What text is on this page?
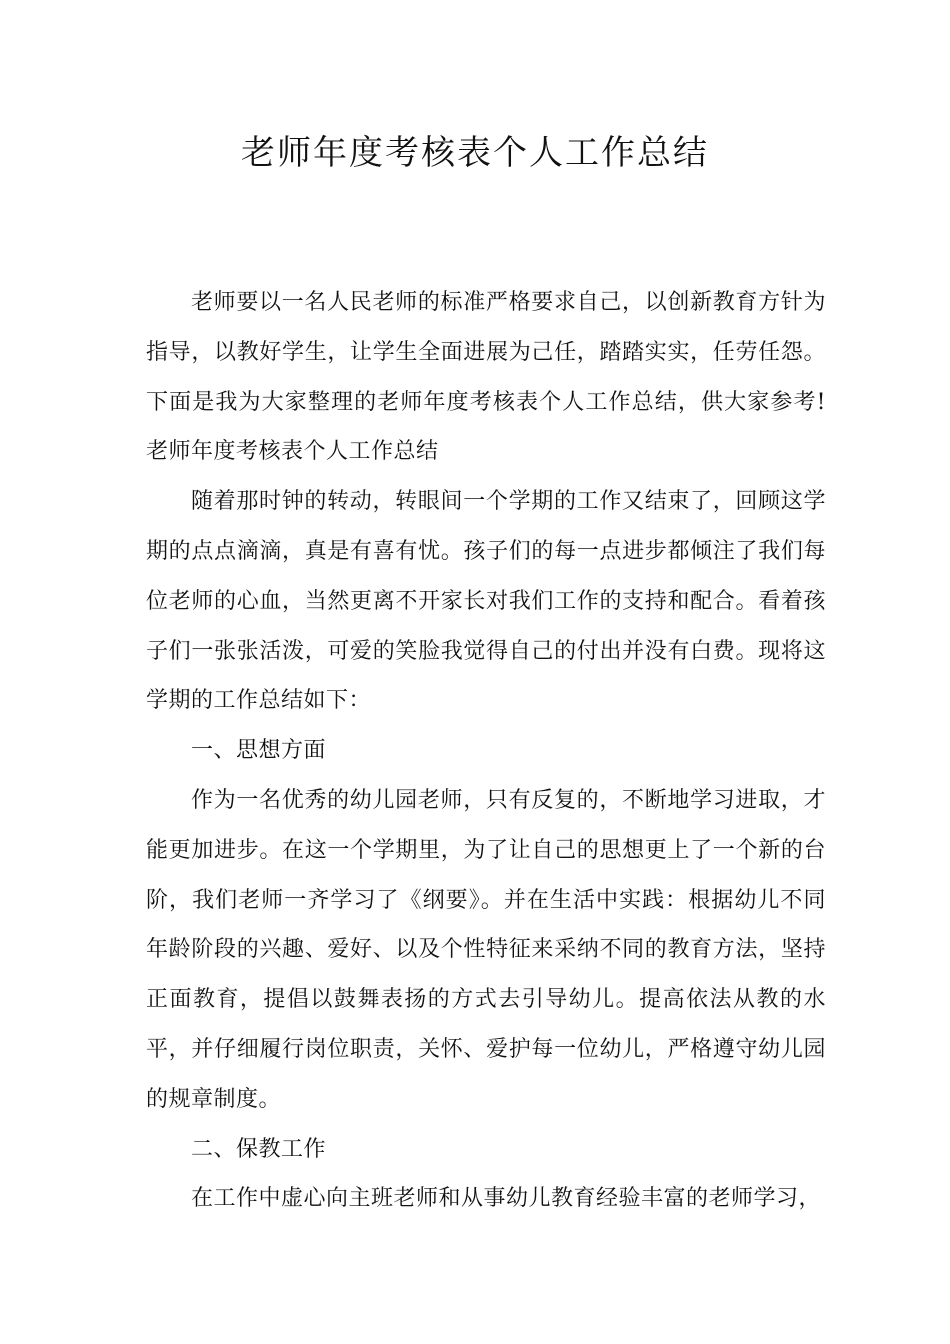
老师年度考核表个人工作总结

老师要以一名人民老师的标准严格要求自己，以创新教育方针为指导，以教好学生，让学生全面进展为己任，踏踏实实，任劳任怨。下面是我为大家整理的老师年度考核表个人工作总结，供大家参考!老师年度考核表个人工作总结

随着那时钟的转动，转眼间一个学期的工作又结束了，回顾这学期的点点滴滴，真是有喜有忧。孩子们的每一点进步都倾注了我们每位老师的心血，当然更离不开家长对我们工作的支持和配合。看着孩子们一张张活泼，可爱的笑脸我觉得自己的付出并没有白费。现将这学期的工作总结如下：

一、思想方面

作为一名优秀的幼儿园老师，只有反复的，不断地学习进取，才能更加进步。在这一个学期里，为了让自己的思想更上了一个新的台阶，我们老师一齐学习了《纲要》。并在生活中实践：根据幼儿不同年龄阶段的兴趣、爱好、以及个性特征来采纳不同的教育方法，坚持正面教育，提倡以鼓舞表扬的方式去引导幼儿。提高依法从教的水平，并仔细履行岗位职责，关怀、爱护每一位幼儿，严格遵守幼儿园的规章制度。

二、保教工作

在工作中虚心向主班老师和从事幼儿教育经验丰富的老师学习，
